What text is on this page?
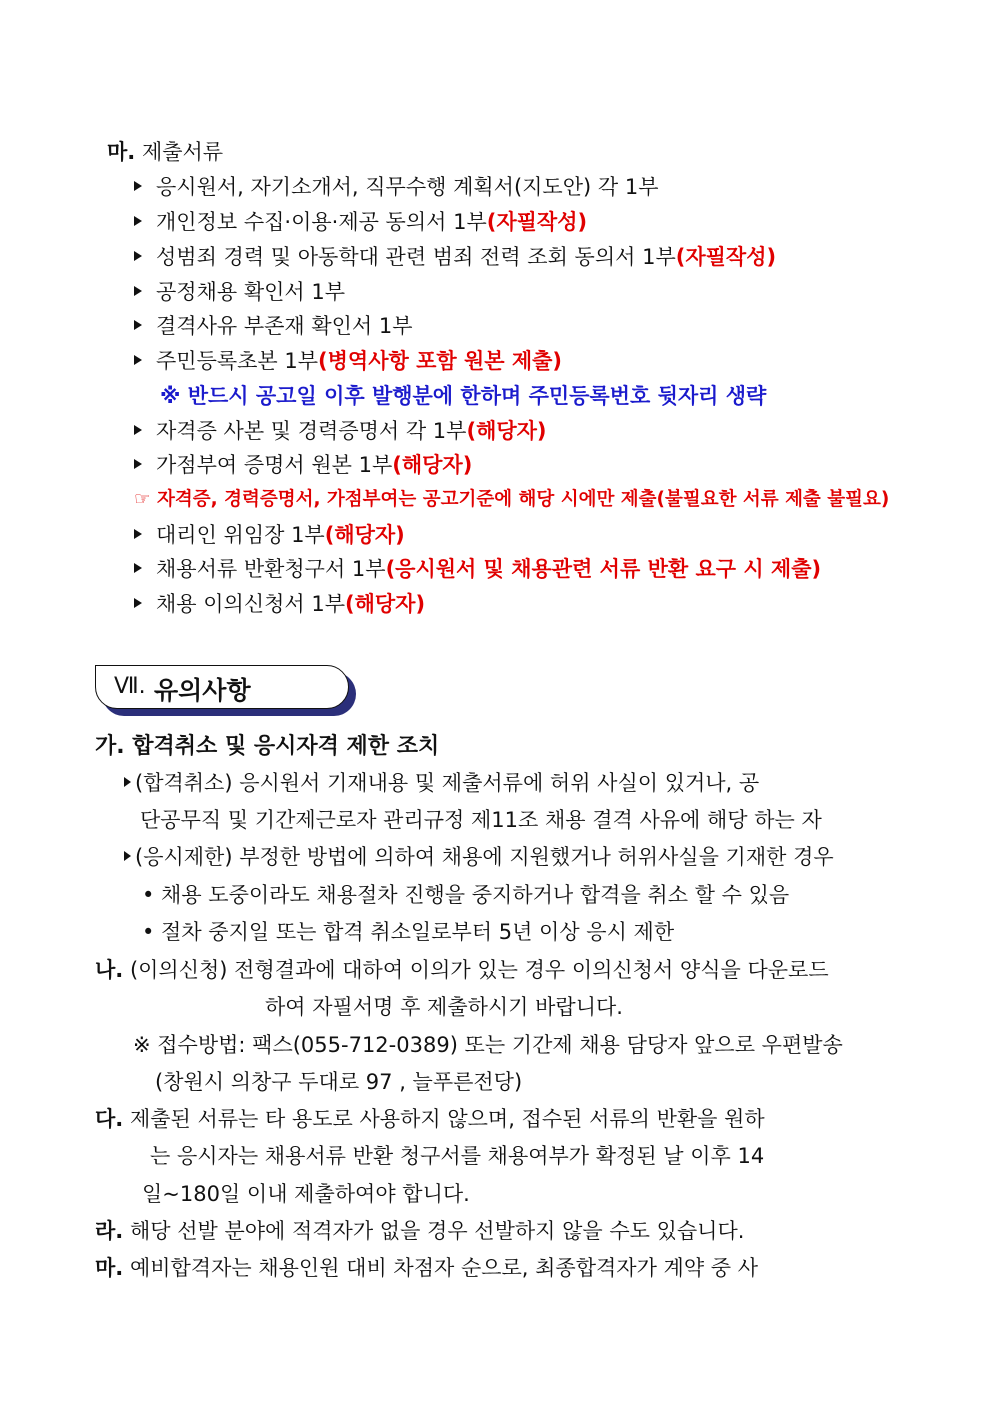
마. 제출서류
응시원서, 자기소개서, 직무수행 계획서(지도안) 각 1부
개인정보 수집·이용·제공 동의서 1부(자필작성)
성범죄 경력 및 아동학대 관련 범죄 전력 조회 동의서 1부(자필작성)
공정채용 확인서 1부
결격사유 부존재 확인서 1부
주민등록초본 1부(병역사항 포함 원본 제출)
※ 반드시 공고일 이후 발행분에 한하며 주민등록번호 뒷자리 생략
자격증 사본 및 경력증명서 각 1부(해당자)
가점부여 증명서 원본 1부(해당자)
☞ 자격증, 경력증명서, 가점부여는 공고기준에 해당 시에만 제출(불필요한 서류 제출 불필요)
대리인 위임장 1부(해당자)
채용서류 반환청구서 1부(응시원서 및 채용관련 서류 반환 요구 시 제출)
채용 이의신청서 1부(해당자)
Ⅶ. 유의사항
가. 합격취소 및 응시자격 제한 조치
(합격취소) 응시원서 기재내용 및 제출서류에 허위 사실이 있거나, 공
단공무직 및 기간제근로자 관리규정 제11조 채용 결격 사유에 해당 하는 자
(응시제한) 부정한 방법에 의하여 채용에 지원했거나 허위사실을 기재한 경우
• 채용 도중이라도 채용절차 진행을 중지하거나 합격을 취소 할 수 있음
• 절차 중지일 또는 합격 취소일로부터 5년 이상 응시 제한
나. (이의신청) 전형결과에 대하여 이의가 있는 경우 이의신청서 양식을 다운로드
하여 자필서명 후 제출하시기 바랍니다.
※ 접수방법: 팩스(055-712-0389) 또는 기간제 채용 담당자 앞으로 우편발송
(창원시 의창구 두대로 97 , 늘푸른전당)
다. 제출된 서류는 타 용도로 사용하지 않으며, 접수된 서류의 반환을 원하
는 응시자는 채용서류 반환 청구서를 채용여부가 확정된 날 이후 14
일~180일 이내 제출하여야 합니다.
라. 해당 선발 분야에 적격자가 없을 경우 선발하지 않을 수도 있습니다.
마. 예비합격자는 채용인원 대비 차점자 순으로, 최종합격자가 계약 중 사
